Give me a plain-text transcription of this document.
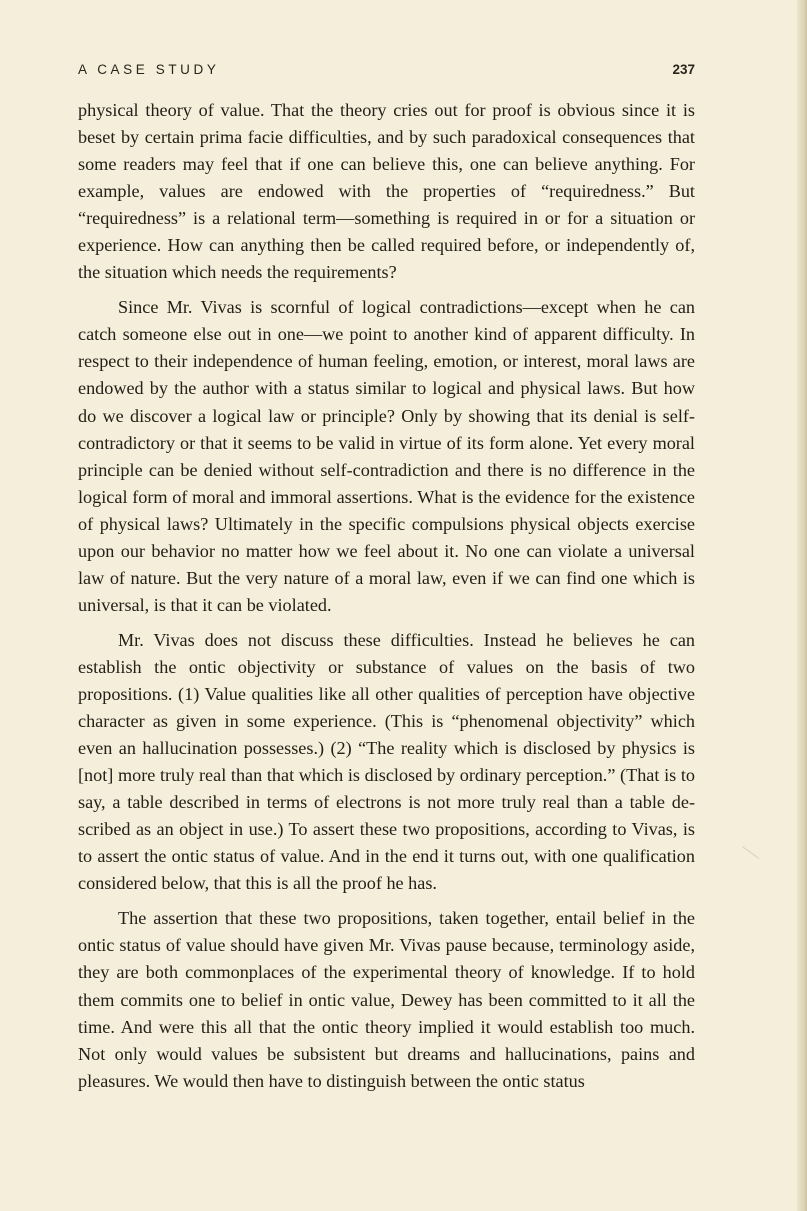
A CASE STUDY	237

physical theory of value. That the theory cries out for proof is obvious since it is beset by certain prima facie difficulties, and by such paradoxical consequences that some readers may feel that if one can believe this, one can believe anything. For example, values are endowed with the properties of “requiredness.” But “requiredness” is a relational term—something is required in or for a situation or experience. How can anything then be called required before, or independently of, the situation which needs the requirements?

Since Mr. Vivas is scornful of logical contradictions—except when he can catch someone else out in one—we point to another kind of apparent difficulty. In respect to their independence of human feeling, emotion, or interest, moral laws are endowed by the author with a status similar to logical and physical laws. But how do we discover a logical law or principle? Only by showing that its denial is self-contradictory or that it seems to be valid in virtue of its form alone. Yet every moral principle can be denied without self-contradiction and there is no difference in the logical form of moral and immoral assertions. What is the evidence for the existence of physical laws? Ultimately in the specific compulsions physical objects exercise upon our behavior no matter how we feel about it. No one can violate a universal law of nature. But the very nature of a moral law, even if we can find one which is universal, is that it can be violated.

Mr. Vivas does not discuss these difficulties. Instead he believes he can establish the ontic objectivity or substance of values on the basis of two propositions. (1) Value qualities like all other qualities of perception have objective character as given in some experience. (This is “phenomenal objectivity” which even an hallucination possesses.) (2) “The reality which is disclosed by physics is [not] more truly real than that which is disclosed by ordinary perception.” (That is to say, a table described in terms of electrons is not more truly real than a table described as an object in use.) To assert these two propositions, according to Vivas, is to assert the ontic status of value. And in the end it turns out, with one qualification considered below, that this is all the proof he has.

The assertion that these two propositions, taken together, entail belief in the ontic status of value should have given Mr. Vivas pause because, terminology aside, they are both commonplaces of the experimental theory of knowledge. If to hold them commits one to belief in ontic value, Dewey has been committed to it all the time. And were this all that the ontic theory implied it would establish too much. Not only would values be subsistent but dreams and hallucinations, pains and pleasures. We would then have to distinguish between the ontic status
